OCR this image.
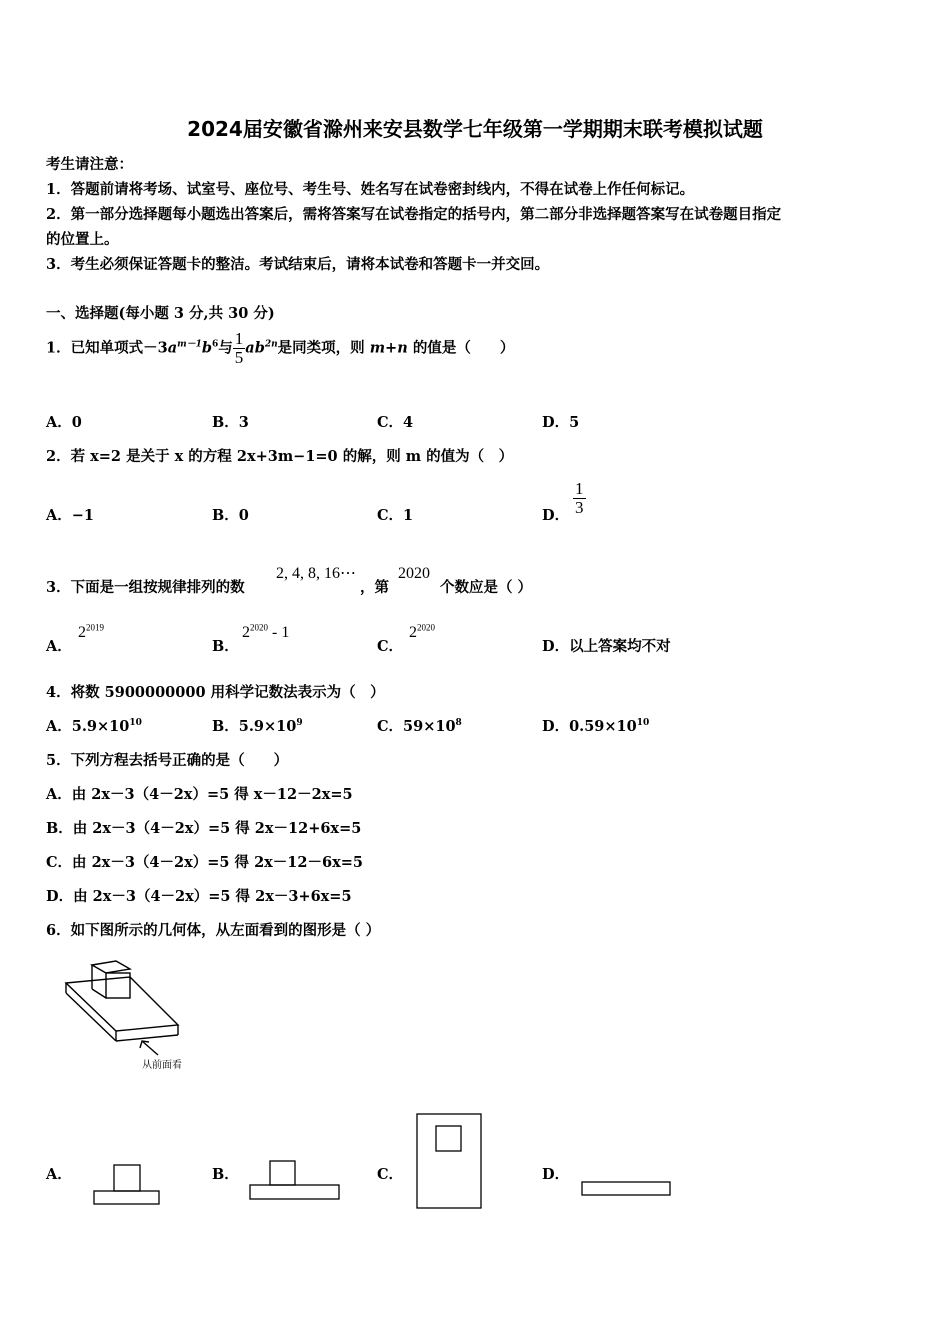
2024届安徽省滁州来安县数学七年级第一学期期末联考模拟试题
考生请注意：
1．答题前请将考场、试室号、座位号、考生号、姓名写在试卷密封线内，不得在试卷上作任何标记。
2．第一部分选择题每小题选出答案后，需将答案写在试卷指定的括号内，第二部分非选择题答案写在试卷题目指定
的位置上。
3．考生必须保证答题卡的整洁。考试结束后，请将本试卷和答题卡一并交回。
一、选择题(每小题 3 分,共 30 分)
1．已知单项式$-3a^{m-1}b^6$与 $\frac{1}{5} ab^{2n}$是同类项，则 m+n 的值是（　　）
A．0	B．3	C．4	D．5
2．若 x=2 是关于 x 的方程 2x+3m−1=0 的解，则 m 的值为（　）
A．−1	B．0	C．1	D． $\frac{1}{3}$
3．下面是一组按规律排列的数
2, 4, 8, 16⋯
，第
2020
个数应是（ ）
A．
$2^{2019}$
B．
$2^{2020} - 1$
C．
$2^{2020}$
D．以上答案均不对
4．将数 5900000000 用科学记数法表示为（　）
A．$5.9\times 10^{10}$	B．$5.9\times 10^9$	C．$59\times 10^8$	D．$0.59\times 10^{10}$
5．下列方程去括号正确的是（　　）
A．由 2x－3（4－2x）=5 得 x－12－2x=5
B．由 2x－3（4－2x）=5 得 2x－12+6x=5
C．由 2x－3（4－2x）=5 得 2x－12－6x=5
D．由 2x－3（4－2x）=5 得 2x－3+6x=5
6．如下图所示的几何体，从左面看到的图形是（ ）
从前面看
A．	B．	C．	D．
